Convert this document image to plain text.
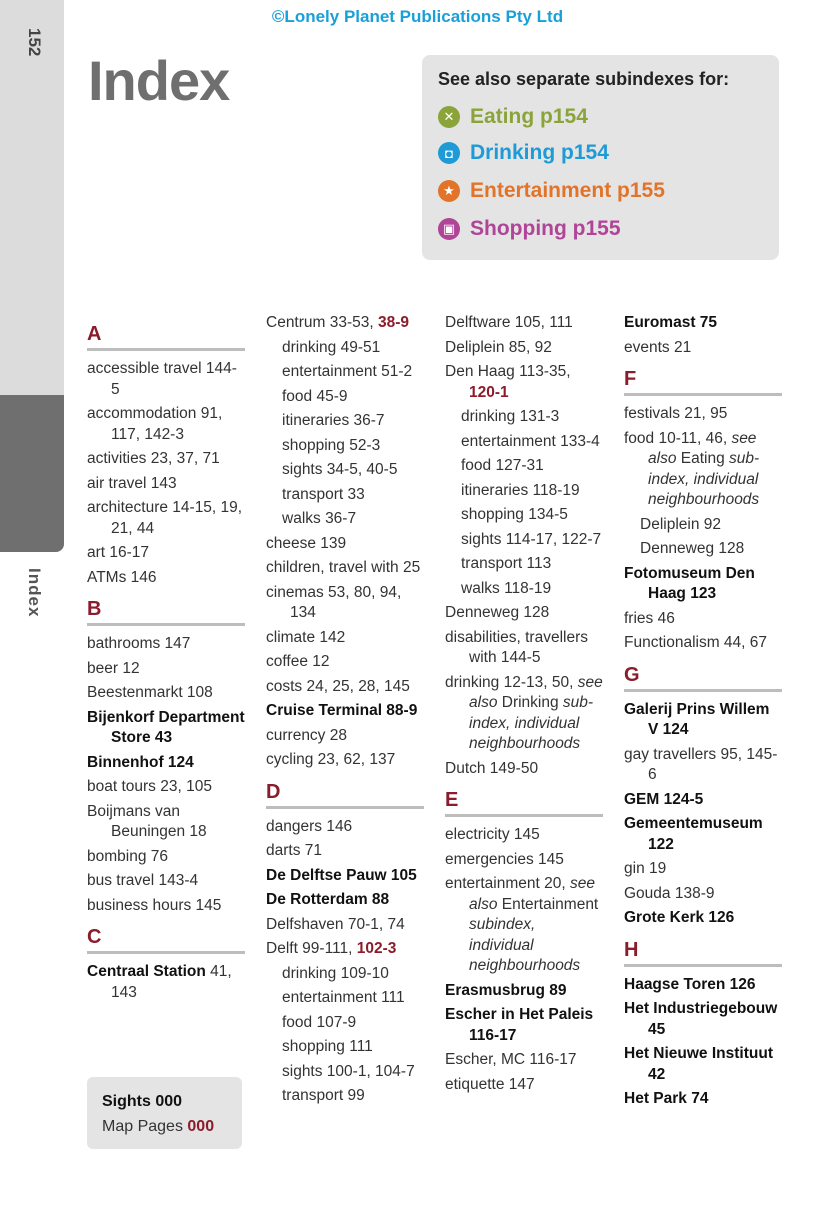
152
Index
©Lonely Planet Publications Pty Ltd
Index	See also separate subindexes for:
✕ Eating p154
◘ Drinking p154
★ Entertainment p155
▣ Shopping p155
A
accessible travel 144-5
accommodation 91, 117, 142-3
activities 23, 37, 71
air travel 143
architecture 14-15, 19, 21, 44
art 16-17
ATMs 146
B
bathrooms 147
beer 12
Beestenmarkt 108
Bijenkorf Department Store 43
Binnenhof 124
boat tours 23, 105
Boijmans van Beuningen 18
bombing 76
bus travel 143-4
business hours 145
C
Centraal Station 41, 143
Centrum 33-53, 38-9
drinking 49-51
entertainment 51-2
food 45-9
itineraries 36-7
shopping 52-3
sights 34-5, 40-5
transport 33
walks 36-7
cheese 139
children, travel with 25
cinemas 53, 80, 94, 134
climate 142
coffee 12
costs 24, 25, 28, 145
Cruise Terminal 88-9
currency 28
cycling 23, 62, 137
D
dangers 146
darts 71
De Delftse Pauw 105
De Rotterdam 88
Delfshaven 70-1, 74
Delft 99-111, 102-3
drinking 109-10
entertainment 111
food 107-9
shopping 111
sights 100-1, 104-7
transport 99
Delftware 105, 111
Deliplein 85, 92
Den Haag 113-35, 120-1
drinking 131-3
entertainment 133-4
food 127-31
itineraries 118-19
shopping 134-5
sights 114-17, 122-7
transport 113
walks 118-19
Denneweg 128
disabilities, travellers with 144-5
drinking 12-13, 50, see also Drinking sub-index, individual neighbourhoods
Dutch 149-50
E
electricity 145
emergencies 145
entertainment 20, see also Entertainment subindex, individual neighbourhoods
Erasmusbrug 89
Escher in Het Paleis 116-17
Escher, MC 116-17
etiquette 147
Euromast 75
events 21
F
festivals 21, 95
food 10-11, 46, see also Eating sub-index, individual neighbourhoods
Deliplein 92
Denneweg 128
Fotomuseum Den Haag 123
fries 46
Functionalism 44, 67
G
Galerij Prins Willem V 124
gay travellers 95, 145-6
GEM 124-5
Gemeentemuseum 122
gin 19
Gouda 138-9
Grote Kerk 126
H
Haagse Toren 126
Het Industriegebouw 45
Het Nieuwe Instituut 42
Het Park 74
Sights 000
Map Pages 000
